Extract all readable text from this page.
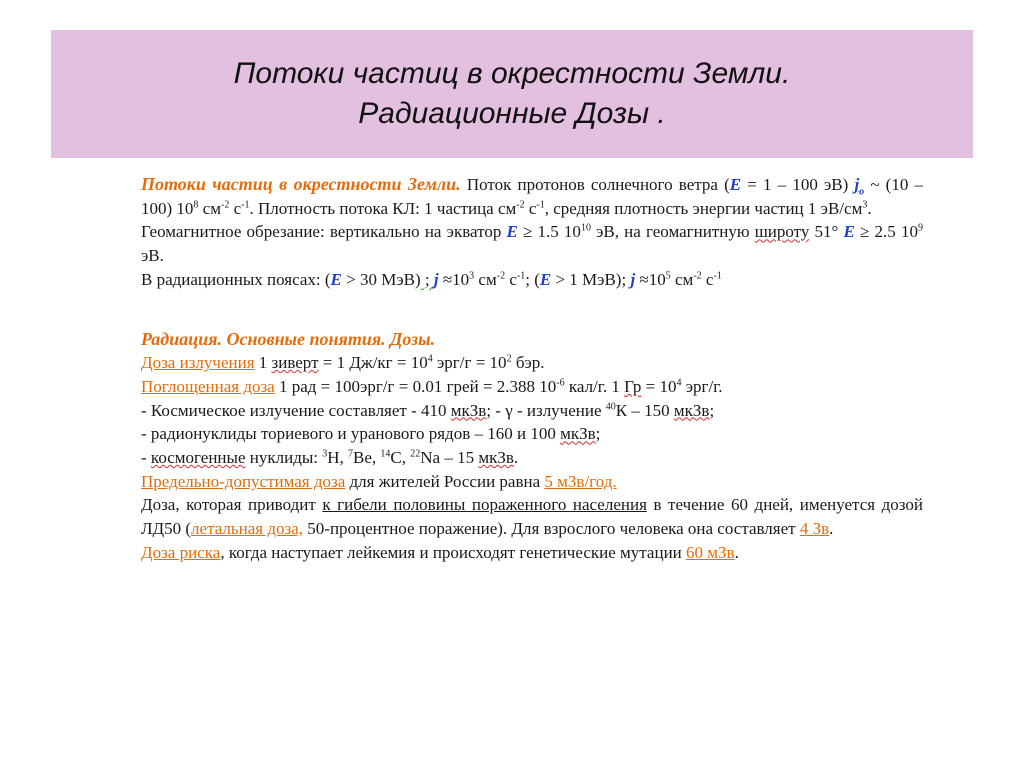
Потоки частиц в окрестности Земли.
Радиационные Дозы .

Потоки частиц в окрестности Земли. Поток протонов солнечного ветра (E = 1 – 100 эВ) $j_o$ ~ (10 – 100) $10^8$ $см^{-2}$ $с^{-1}$. Плотность потока КЛ: 1 частица $см^{-2}$ $с^{-1}$, средняя плотность энергии частиц 1 $эВ/см^3$.

Геомагнитное обрезание: вертикально на экватор E ≥ 1.5 $10^{10}$ эВ, на геомагнитную широту 51° E ≥ 2.5 $10^9$ эВ.

В радиационных поясах: (E > 30 МэВ) ; $j \approx 10^3$ $см^{-2}$ $с^{-1}$; (E > 1 МэВ); $j \approx 10^5$ $см^{-2}$ $с^{-1}$

Радиация. Основные понятия. Дозы.

Доза излучения 1 зиверт = 1 $Дж/кг = 10^4$ $эрг/г = 10^2$ бэр.

Поглощенная доза 1 рад = 100эрг/г = 0.01 грей = 2.388 $10^{-6}$ кал/г. 1 Гр = $10^4$ эрг/г.

- Космическое излучение составляет - 410 мкЗв; - γ - излучение $^{40}$К – 150 мкЗв;

- радионуклиды ториевого и уранового рядов – 160 и 100 мкЗв;

- космогенные нуклиды: $^3$H, $^7$Be, $^{14}$C, $^{22}$Na – 15 мкЗв.

Предельно-допустимая доза для жителей России равна 5 мЗв/год.

Доза, которая приводит к гибели половины пораженного населения в течение 60 дней, именуется дозой ЛД50 (летальная доза, 50-процентное поражение). Для взрослого человека она составляет 4 Зв.

Доза риска, когда наступает лейкемия и происходят генетические мутации 60 мЗв.
